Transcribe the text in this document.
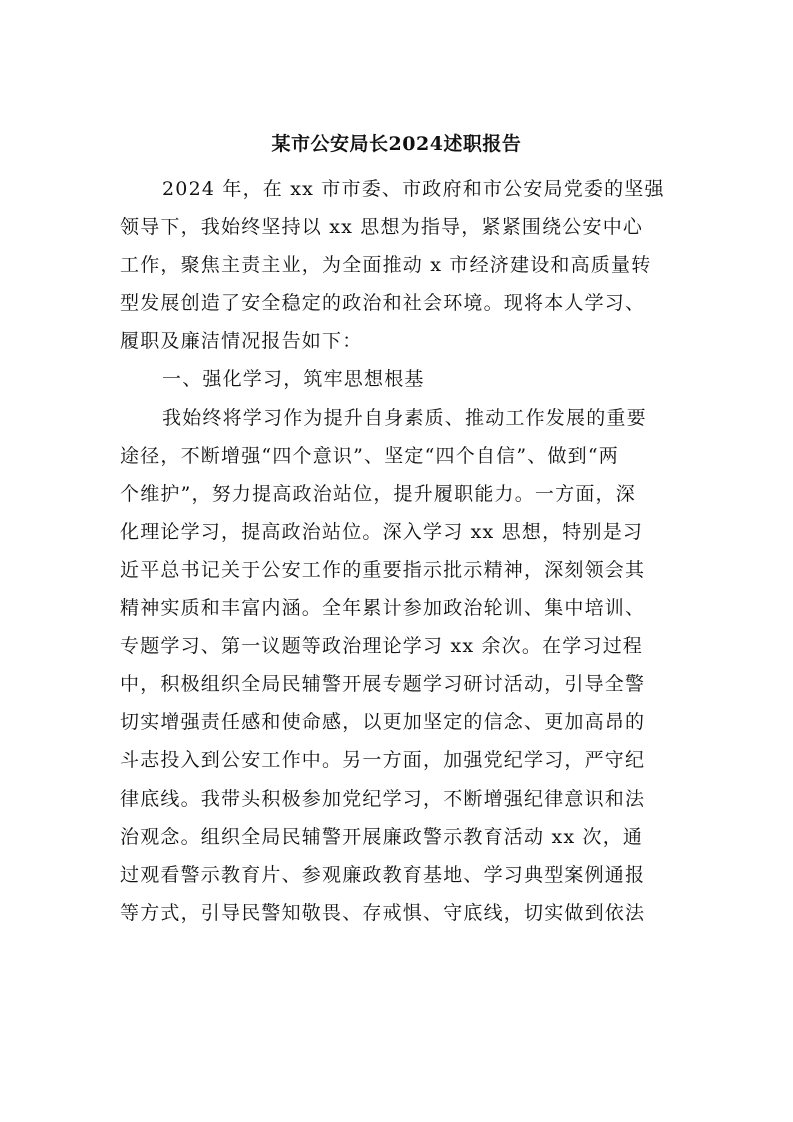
某市公安局长2024述职报告
2024 年，在 xx 市市委、市政府和市公安局党委的坚强
领导下，我始终坚持以 xx 思想为指导，紧紧围绕公安中心
工作，聚焦主责主业，为全面推动 x 市经济建设和高质量转
型发展创造了安全稳定的政治和社会环境。现将本人学习、
履职及廉洁情况报告如下：
一、强化学习，筑牢思想根基
我始终将学习作为提升自身素质、推动工作发展的重要
途径，不断增强“四个意识”、坚定“四个自信”、做到“两
个维护”，努力提高政治站位，提升履职能力。一方面，深
化理论学习，提高政治站位。深入学习 xx 思想，特别是习
近平总书记关于公安工作的重要指示批示精神，深刻领会其
精神实质和丰富内涵。全年累计参加政治轮训、集中培训、
专题学习、第一议题等政治理论学习 xx 余次。在学习过程
中，积极组织全局民辅警开展专题学习研讨活动，引导全警
切实增强责任感和使命感，以更加坚定的信念、更加高昂的
斗志投入到公安工作中。另一方面，加强党纪学习，严守纪
律底线。我带头积极参加党纪学习，不断增强纪律意识和法
治观念。组织全局民辅警开展廉政警示教育活动 xx 次，通
过观看警示教育片、参观廉政教育基地、学习典型案例通报
等方式，引导民警知敬畏、存戒惧、守底线，切实做到依法
